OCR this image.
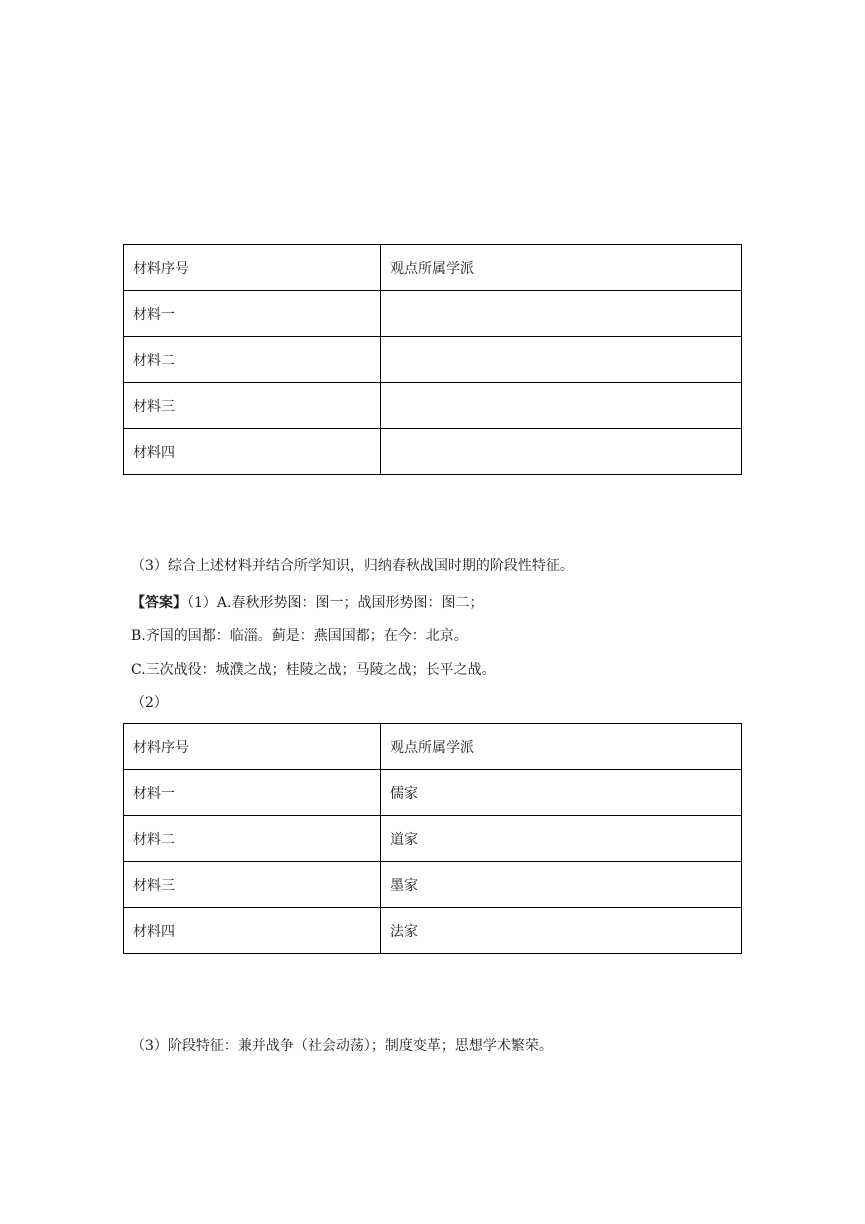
材料序号	观点所属学派
材料一	
材料二	
材料三	
材料四	
（3）综合上述材料并结合所学知识，归纳春秋战国时期的阶段性特征。
【答案】（1）A.春秋形势图：图一；战国形势图：图二；
B.齐国的国都：临淄。蓟是：燕国国都；在今：北京。
C.三次战役：城濮之战；桂陵之战；马陵之战；长平之战。
（2）
材料序号	观点所属学派
材料一	儒家
材料二	道家
材料三	墨家
材料四	法家
（3）阶段特征：兼并战争（社会动荡）；制度变革；思想学术繁荣。
